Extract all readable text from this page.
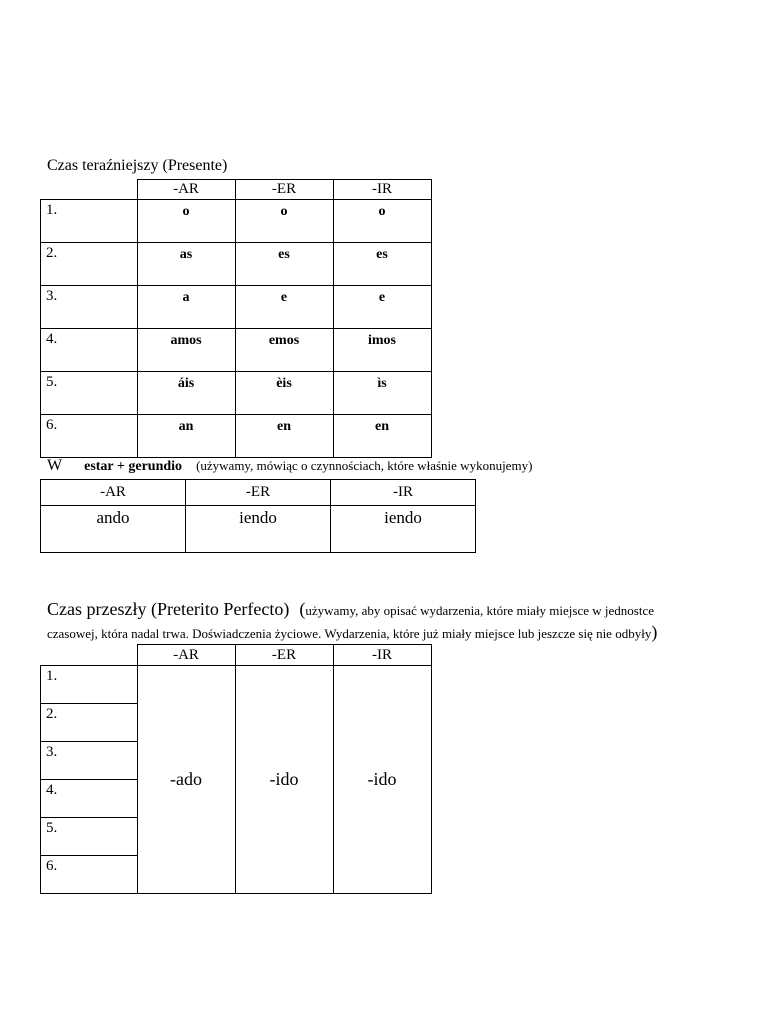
Czas teraźniejszy (Presente)
	-AR	-ER	-IR
1.	o	o	o
2.	as	es	es
3.	a	e	e
4.	amos	emos	imos
5.	áis	èis	ìs
6.	an	en	en
W estar + gerundio (używamy, mówiąc o czynnościach, które właśnie wykonujemy)
-AR	-ER	-IR
ando	iendo	iendo
Czas przeszły (Preterito Perfecto) (używamy, aby opisać wydarzenia, które miały miejsce w jednostce
czasowej, która nadal trwa. Doświadczenia życiowe. Wydarzenia, które już miały miejsce lub jeszcze się nie odbyły)
	-AR	-ER	-IR
1.	-ado	-ido	-ido
2.			
3.			
4.			
5.			
6.			
